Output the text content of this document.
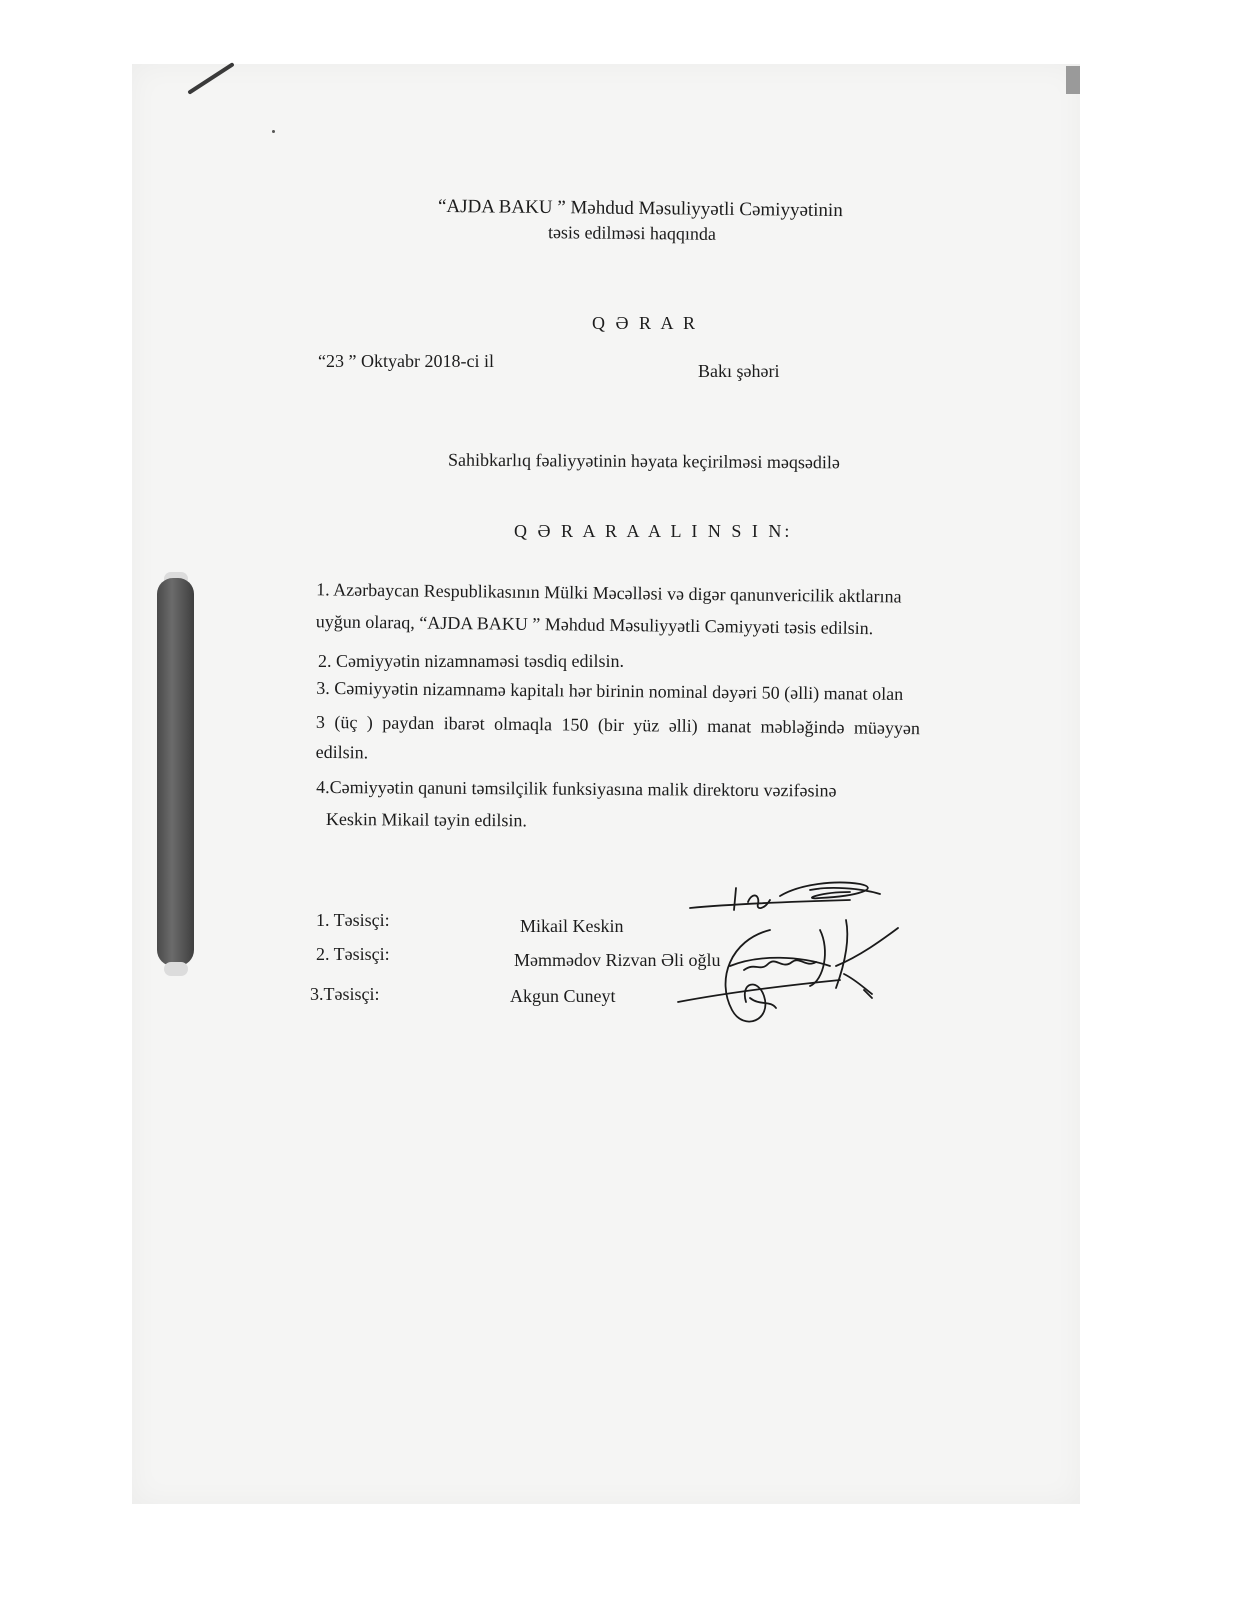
“AJDA BAKU ” Məhdud Məsuliyyətli Cəmiyyətinin
təsis edilməsi haqqında
Q Ə R A R
“23 ” Oktyabr 2018-ci il	Bakı şəhəri
Sahibkarlıq fəaliyyətinin həyata keçirilməsi məqsədilə
Q Ə R A R A A L I N S I N:
1. Azərbaycan Respublikasının Mülki Məcəlləsi və digər qanunvericilik aktlarına
uyğun olaraq, “AJDA BAKU ” Məhdud Məsuliyyətli Cəmiyyəti təsis edilsin.
2. Cəmiyyətin nizamnaməsi təsdiq edilsin.
3. Cəmiyyətin nizamnamə kapitalı hər birinin nominal dəyəri 50 (əlli) manat olan
3 (üç ) paydan ibarət olmaqla 150 (bir yüz əlli) manat məbləğində müəyyən
edilsin.
4.Cəmiyyətin qanuni təmsilçilik funksiyasına malik direktoru vəzifəsinə
Keskin Mikail təyin edilsin.
1. Təsisçi:	Mikail Keskin
2. Təsisçi:	Məmmədov Rizvan Əli oğlu
3.Təsisçi:	Akgun Cuneyt
